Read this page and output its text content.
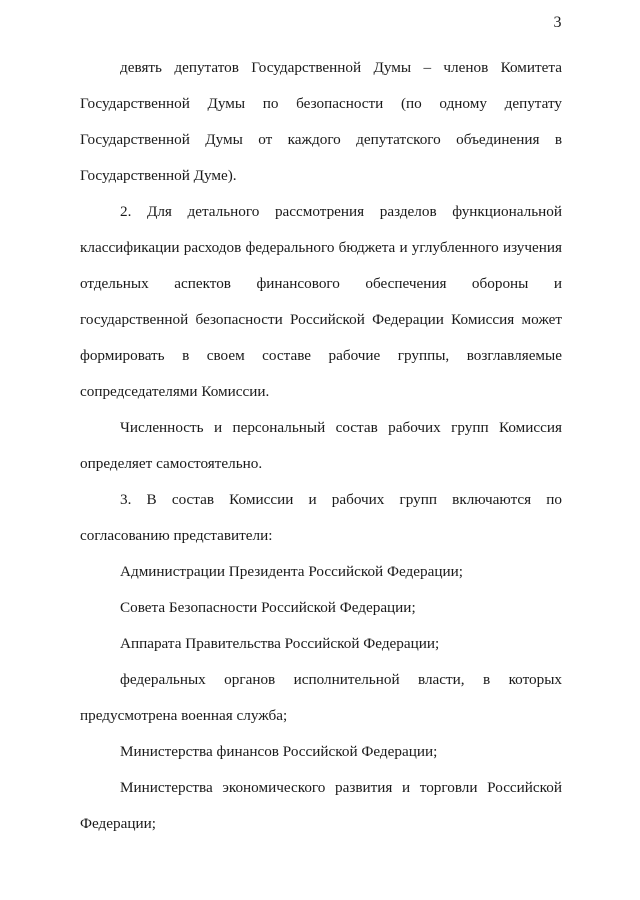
3

девять депутатов Государственной Думы – членов Комитета Государственной Думы по безопасности (по одному депутату Государственной Думы от каждого депутатского объединения в Государственной Думе).

2. Для детального рассмотрения разделов функциональной классификации расходов федерального бюджета и углубленного изучения отдельных аспектов финансового обеспечения обороны и государственной безопасности Российской Федерации Комиссия может формировать в своем составе рабочие группы, возглавляемые сопредседателями Комиссии.

Численность и персональный состав рабочих групп Комиссия определяет самостоятельно.

3. В состав Комиссии и рабочих групп включаются по согласованию представители:

Администрации Президента Российской Федерации;

Совета Безопасности Российской Федерации;

Аппарата Правительства Российской Федерации;

федеральных органов исполнительной власти, в которых предусмотрена военная служба;

Министерства финансов Российской Федерации;

Министерства экономического развития и торговли Российской Федерации;
